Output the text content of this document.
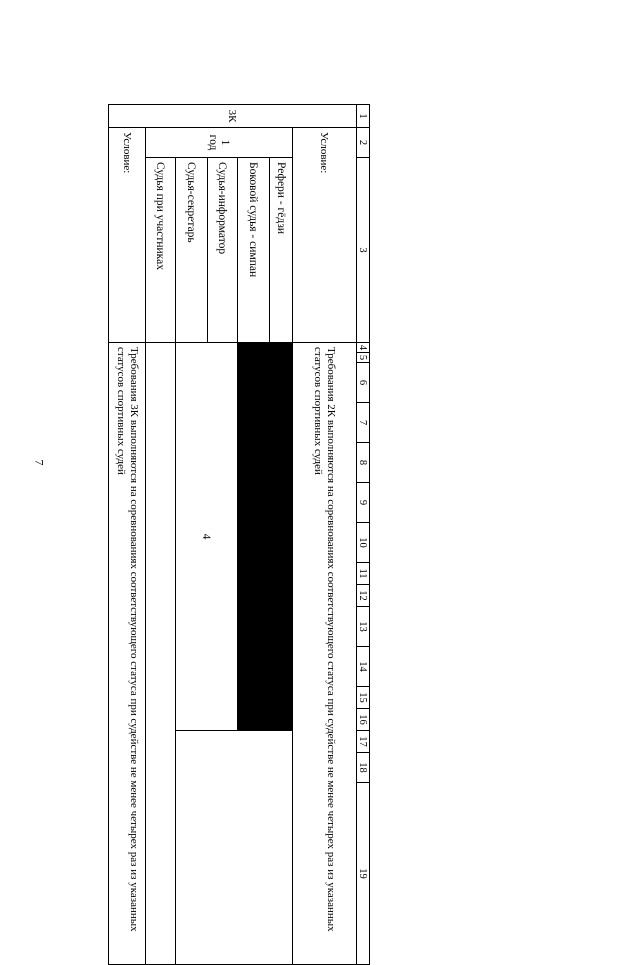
7
1	2	3	4	5	6	7	8	9	10	11	12	13	14	15	16	17	18	19
3К	Условие:		Требования 2К выполняются на соревнованиях соответствующего статуса при судействе не менее четырех раз из указанных статусов спортивных судей															
	1 год	Рефери - гёдзи																
		Боковой судья - симпан																
		Судья-информатор	4															
		Судья-секретарь																
		Судья при участниках																
	Условие:		Требования 3К выполняются на соревнованиях соответствующего статуса при судействе не менее четырех раз из указанных статусов спортивных судей															
